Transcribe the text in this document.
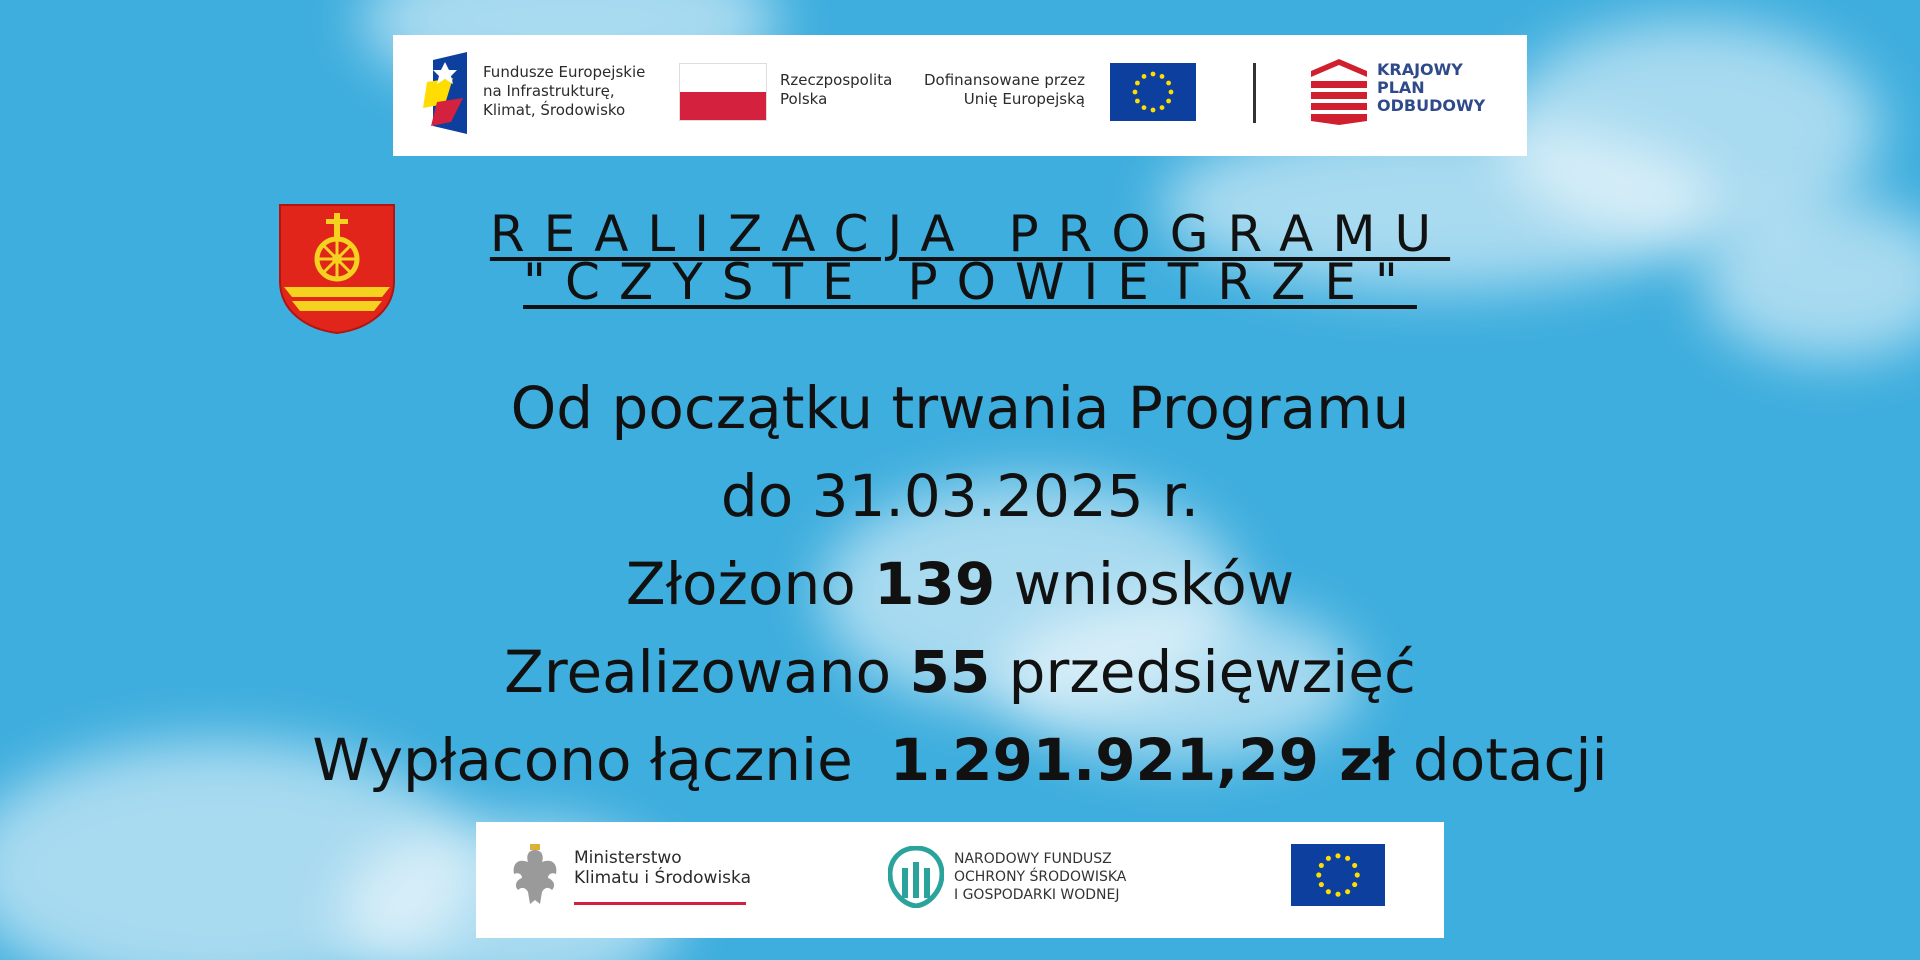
Fundusze Europejskie
na Infrastrukturę,
Klimat, Środowisko
Rzeczpospolita
Polska
Dofinansowane przez
Unię Europejską
KRAJOWY
PLAN
ODBUDOWY
REALIZACJA PROGRAMU
"CZYSTE POWIETRZE"
Od początku trwania Programu
do 31.03.2025 r.
Złożono 139 wniosków
Zrealizowano 55 przedsięwzięć
Wypłacono łącznie  1.291.921,29 zł dotacji
Ministerstwo
Klimatu i Środowiska
NARODOWY FUNDUSZ
OCHRONY ŚRODOWISKA
I GOSPODARKI WODNEJ
